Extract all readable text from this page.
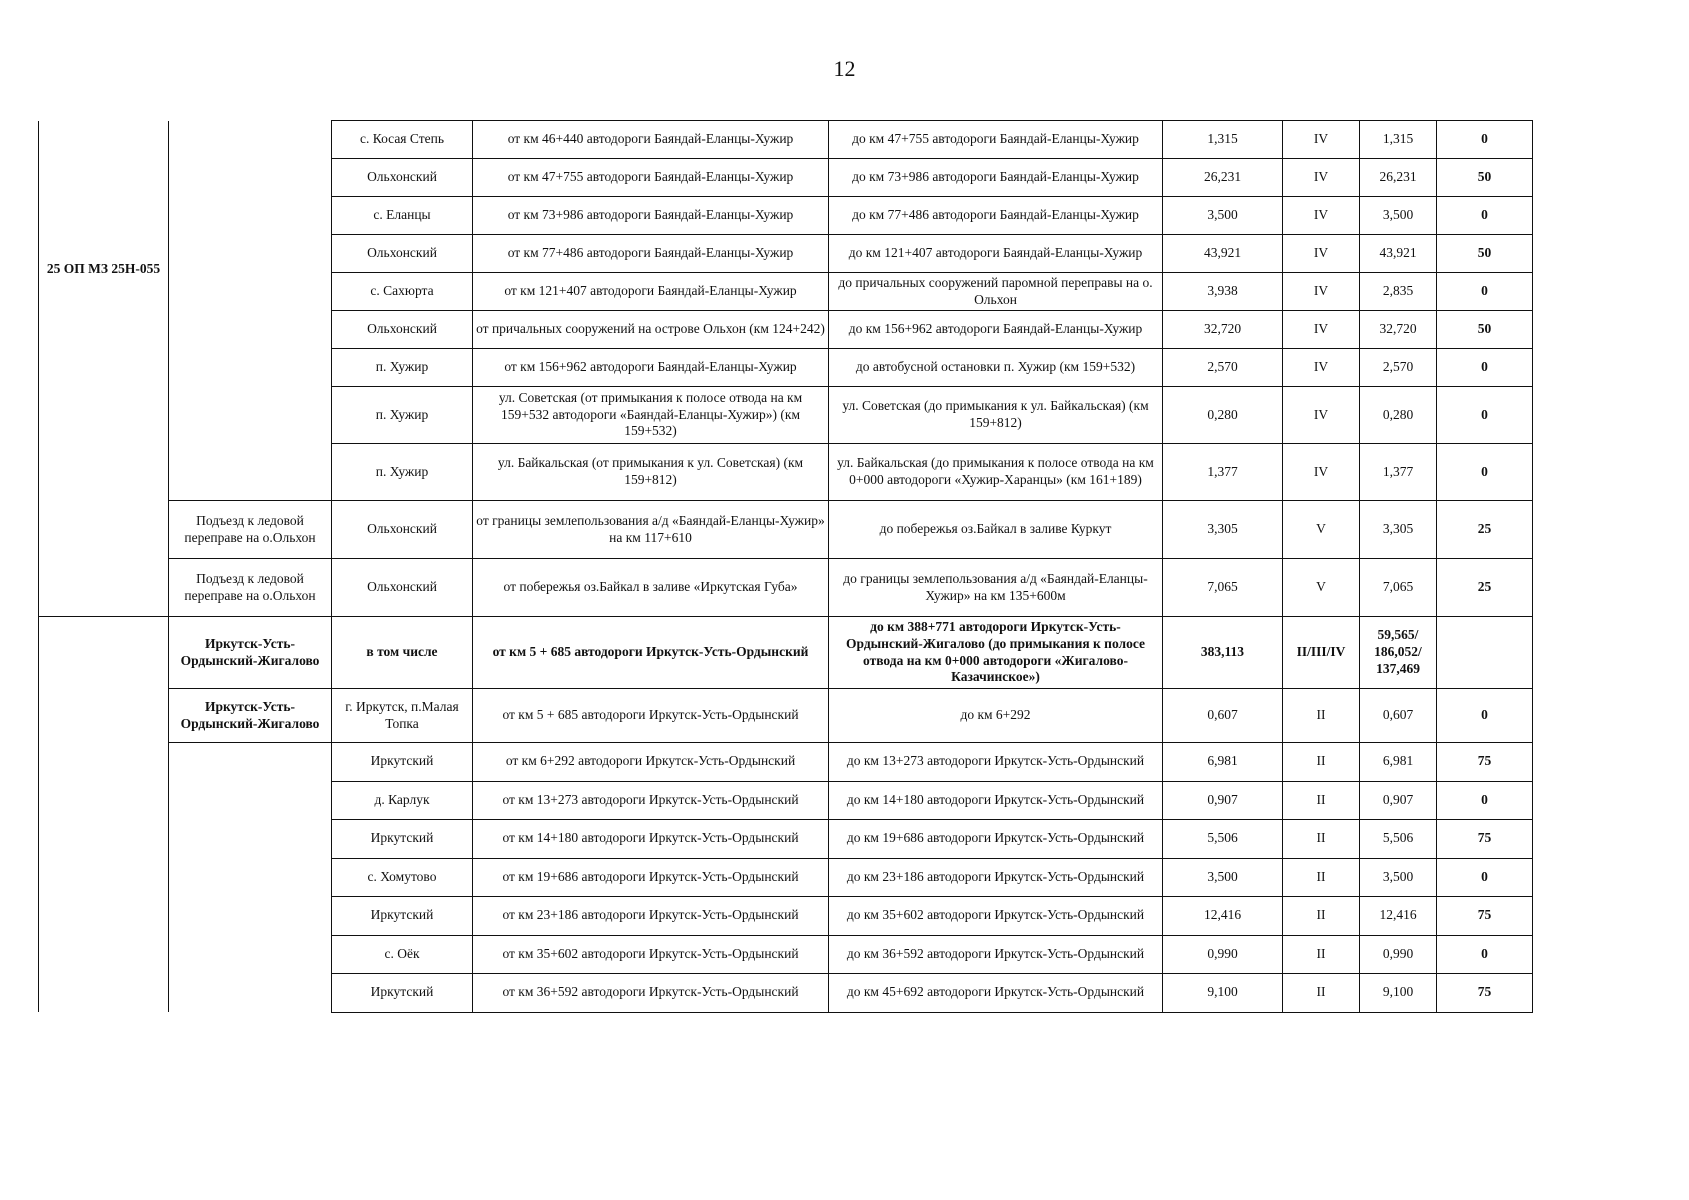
12
25 ОП МЗ 25Н-055		с. Косая Степь	от км 46+440 автодороги Баяндай-Еланцы-Хужир	до км 47+755 автодороги Баяндай-Еланцы-Хужир	1,315	IV	1,315	0
		Ольхонский	от км 47+755 автодороги Баяндай-Еланцы-Хужир	до км 73+986 автодороги Баяндай-Еланцы-Хужир	26,231	IV	26,231	50
		с. Еланцы	от км 73+986 автодороги Баяндай-Еланцы-Хужир	до км 77+486 автодороги Баяндай-Еланцы-Хужир	3,500	IV	3,500	0
		Ольхонский	от км 77+486 автодороги Баяндай-Еланцы-Хужир	до км 121+407 автодороги Баяндай-Еланцы-Хужир	43,921	IV	43,921	50
		с. Сахюрта	от км 121+407 автодороги Баяндай-Еланцы-Хужир	до причальных сооружений паромной переправы на о. Ольхон	3,938	IV	2,835	0
		Ольхонский	от причальных сооружений на острове Ольхон (км 124+242)	до км 156+962 автодороги Баяндай-Еланцы-Хужир	32,720	IV	32,720	50
		п. Хужир	от км 156+962 автодороги Баяндай-Еланцы-Хужир	до автобусной остановки п. Хужир (км 159+532)	2,570	IV	2,570	0
		п. Хужир	ул. Советская (от примыкания к полосе отвода на км 159+532 автодороги «Баяндай-Еланцы-Хужир») (км 159+532)	ул. Советская (до примыкания к ул. Байкальская) (км 159+812)	0,280	IV	0,280	0
		п. Хужир	ул. Байкальская (от примыкания к ул. Советская) (км 159+812)	ул. Байкальская (до примыкания к полосе отвода на км 0+000 автодороги «Хужир-Харанцы» (км 161+189)	1,377	IV	1,377	0
	Подъезд к ледовой переправе на о.Ольхон	Ольхонский	от границы землепользования а/д «Баяндай-Еланцы-Хужир» на км 117+610	до побережья оз.Байкал в заливе Куркут	3,305	V	3,305	25
	Подъезд к ледовой переправе на о.Ольхон	Ольхонский	от побережья оз.Байкал в заливе «Иркутская Губа»	до границы землепользования а/д «Баяндай-Еланцы-Хужир» на км 135+600м	7,065	V	7,065	25
	Иркутск-Усть-Ордынский-Жигалово	в том числе	от км 5 + 685 автодороги Иркутск-Усть-Ордынский	до км 388+771 автодороги Иркутск-Усть-Ордынский-Жигалово (до примыкания к полосе отвода на км 0+000 автодороги «Жигалово-Казачинское»)	383,113	II/III/IV	59,565/ 186,052/ 137,469	
	Иркутск-Усть-Ордынский-Жигалово	г. Иркутск, п.Малая Топка	от км 5 + 685 автодороги Иркутск-Усть-Ордынский	до км 6+292	0,607	II	0,607	0
		Иркутский	от км 6+292 автодороги Иркутск-Усть-Ордынский	до км 13+273 автодороги Иркутск-Усть-Ордынский	6,981	II	6,981	75
		д. Карлук	от км 13+273 автодороги Иркутск-Усть-Ордынский	до км 14+180 автодороги Иркутск-Усть-Ордынский	0,907	II	0,907	0
		Иркутский	от км 14+180 автодороги Иркутск-Усть-Ордынский	до км 19+686 автодороги Иркутск-Усть-Ордынский	5,506	II	5,506	75
		с. Хомутово	от км 19+686 автодороги Иркутск-Усть-Ордынский	до км 23+186 автодороги Иркутск-Усть-Ордынский	3,500	II	3,500	0
		Иркутский	от км 23+186 автодороги Иркутск-Усть-Ордынский	до км 35+602 автодороги Иркутск-Усть-Ордынский	12,416	II	12,416	75
		с. Оёк	от км 35+602 автодороги Иркутск-Усть-Ордынский	до км 36+592 автодороги Иркутск-Усть-Ордынский	0,990	II	0,990	0
		Иркутский	от км 36+592 автодороги Иркутск-Усть-Ордынский	до км 45+692 автодороги Иркутск-Усть-Ордынский	9,100	II	9,100	75
